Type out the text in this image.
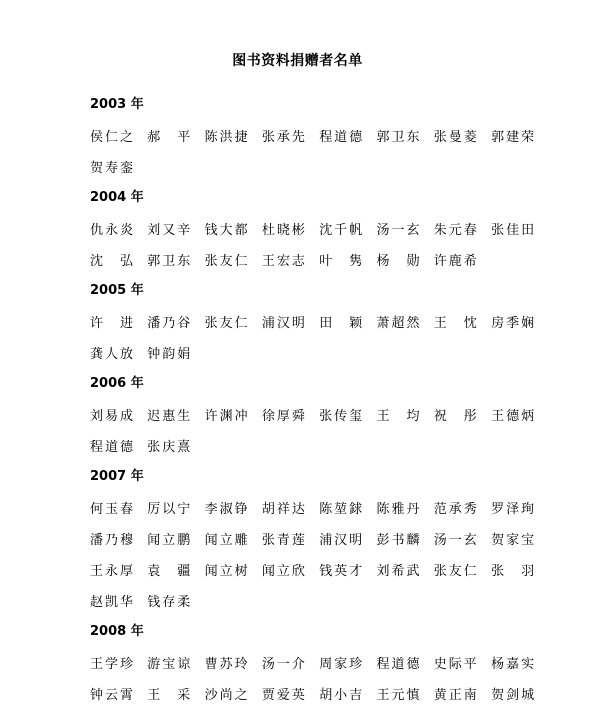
图书资料捐赠者名单
2003 年
侯仁之	郝　平	陈洪捷	张承先	程道德	郭卫东	张曼菱	郭建荣
贺寿銮
2004 年
仇永炎	刘又辛	钱大都	杜晓彬	沈千帆	汤一玄	朱元春	张佳田
沈　弘	郭卫东	张友仁	王宏志	叶　隽	杨　勋	许鹿希
2005 年
许　进	潘乃谷	张友仁	浦汉明	田　颖	萧超然	王　忱	房季娴
龚人放	钟韵娟
2006 年
刘易成	迟惠生	许渊冲	徐厚舜	张传玺	王　均	祝　彤	王德炳
程道德	张庆熹
2007 年
何玉春	厉以宁	李淑铮	胡祥达	陈堃銶	陈雅丹	范承秀	罗泽珣
潘乃穆	闻立鹏	闻立雕	张青莲	浦汉明	彭书麟	汤一玄	贺家宝
王永厚	袁　疆	闻立树	闻立欣	钱英才	刘希武	张友仁	张　羽
赵凯华	钱存柔
2008 年
王学珍	游宝谅	曹苏玲	汤一介	周家珍	程道德	史际平	杨嘉实
钟云霄	王　采	沙尚之	贾爱英	胡小吉	王元慎	黄正南	贺剑城
